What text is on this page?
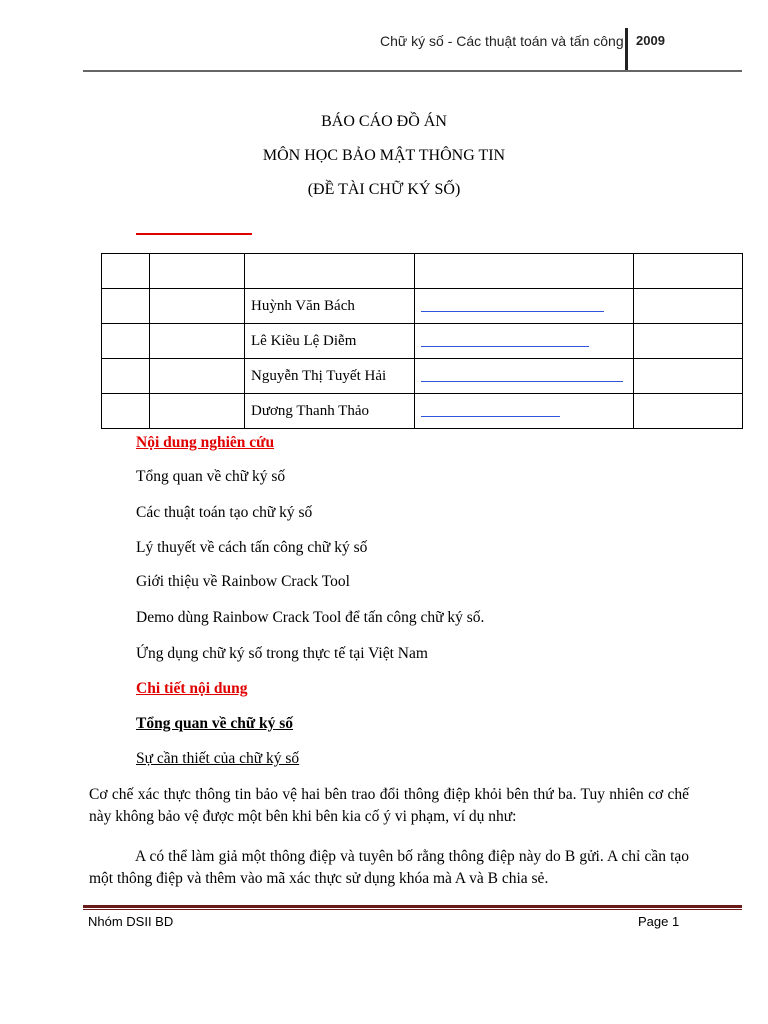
Chữ ký số - Các thuật toán và tấn công 2009
BÁO CÁO ĐỒ ÁN
MÔN HỌC BẢO MẬT THÔNG TIN
(ĐỀ TÀI CHỮ KÝ SỐ)

		Huỳnh Văn Bách	

		Lê Kiều Lệ Diễm	

		Nguyễn Thị Tuyết Hải	

		Dương Thanh Thảo	

Nội dung nghiên cứu
Tổng quan về chữ ký số
Các thuật toán tạo chữ ký số
Lý thuyết về cách tấn công chữ ký số
Giới thiệu về Rainbow Crack Tool
Demo dùng Rainbow Crack Tool để tấn công chữ ký số.
Ứng dụng chữ ký số trong thực tế tại Việt Nam
Chi tiết nội dung
Tổng quan về chữ ký số
Sự cần thiết của chữ ký số
Cơ chế xác thực thông tin bảo vệ hai bên trao đổi thông điệp khỏi bên thứ ba. Tuy nhiên cơ chế này không bảo vệ được một bên khi bên kia cố ý vi phạm, ví dụ như:
A có thể làm giả một thông điệp và tuyên bố rằng thông điệp này do B gửi. A chỉ cần tạo một thông điệp và thêm vào mã xác thực sử dụng khóa mà A và B chia sẻ.
Nhóm DSII BD	Page 1
